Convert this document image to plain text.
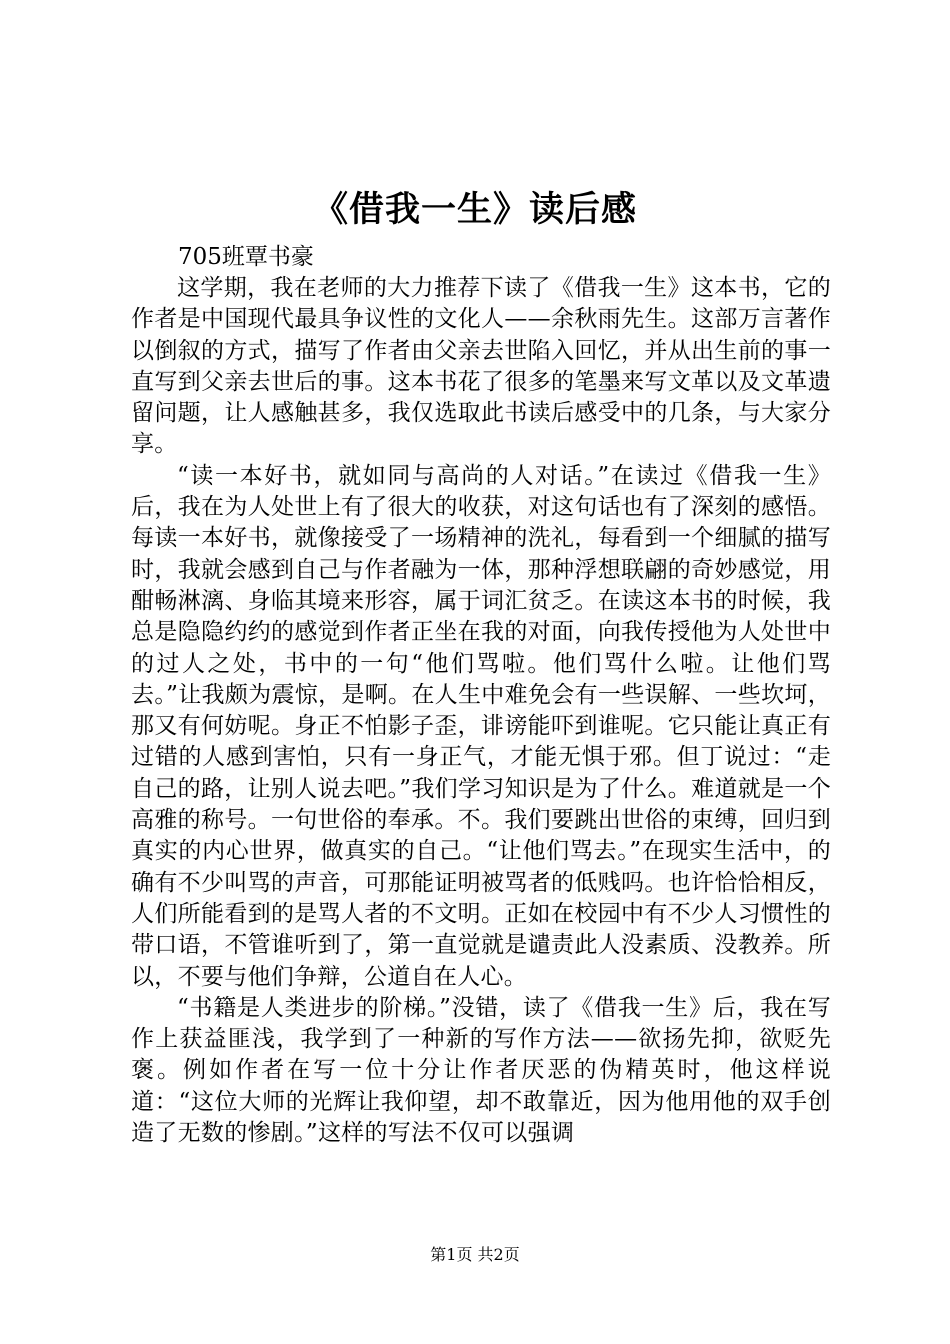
《借我一生》读后感
705班覃书豪

这学期，我在老师的大力推荐下读了《借我一生》这本书，它的作者是中国现代最具争议性的文化人——余秋雨先生。这部万言著作以倒叙的方式，描写了作者由父亲去世陷入回忆，并从出生前的事一直写到父亲去世后的事。这本书花了很多的笔墨来写文革以及文革遗留问题，让人感触甚多，我仅选取此书读后感受中的几条，与大家分享。

“读一本好书，就如同与高尚的人对话。”在读过《借我一生》后，我在为人处世上有了很大的收获，对这句话也有了深刻的感悟。每读一本好书，就像接受了一场精神的洗礼，每看到一个细腻的描写时，我就会感到自己与作者融为一体，那种浮想联翩的奇妙感觉，用酣畅淋漓、身临其境来形容，属于词汇贫乏。在读这本书的时候，我总是隐隐约约的感觉到作者正坐在我的对面，向我传授他为人处世中的过人之处，书中的一句“他们骂啦。他们骂什么啦。让他们骂去。”让我颇为震惊，是啊。在人生中难免会有一些误解、一些坎坷，那又有何妨呢。身正不怕影子歪，诽谤能吓到谁呢。它只能让真正有过错的人感到害怕，只有一身正气，才能无惧于邪。但丁说过：“走自己的路，让别人说去吧。”我们学习知识是为了什么。难道就是一个高雅的称号。一句世俗的奉承。不。我们要跳出世俗的束缚，回归到真实的内心世界，做真实的自己。“让他们骂去。”在现实生活中，的确有不少叫骂的声音，可那能证明被骂者的低贱吗。也许恰恰相反，人们所能看到的是骂人者的不文明。正如在校园中有不少人习惯性的带口语，不管谁听到了，第一直觉就是谴责此人没素质、没教养。所以，不要与他们争辩，公道自在人心。

“书籍是人类进步的阶梯。”没错，读了《借我一生》后，我在写作上获益匪浅，我学到了一种新的写作方法——欲扬先抑，欲贬先褒。例如作者在写一位十分让作者厌恶的伪精英时，他这样说道：“这位大师的光辉让我仰望，却不敢靠近，因为他用他的双手创造了无数的惨剧。”这样的写法不仅可以强调

第1页 共2页
